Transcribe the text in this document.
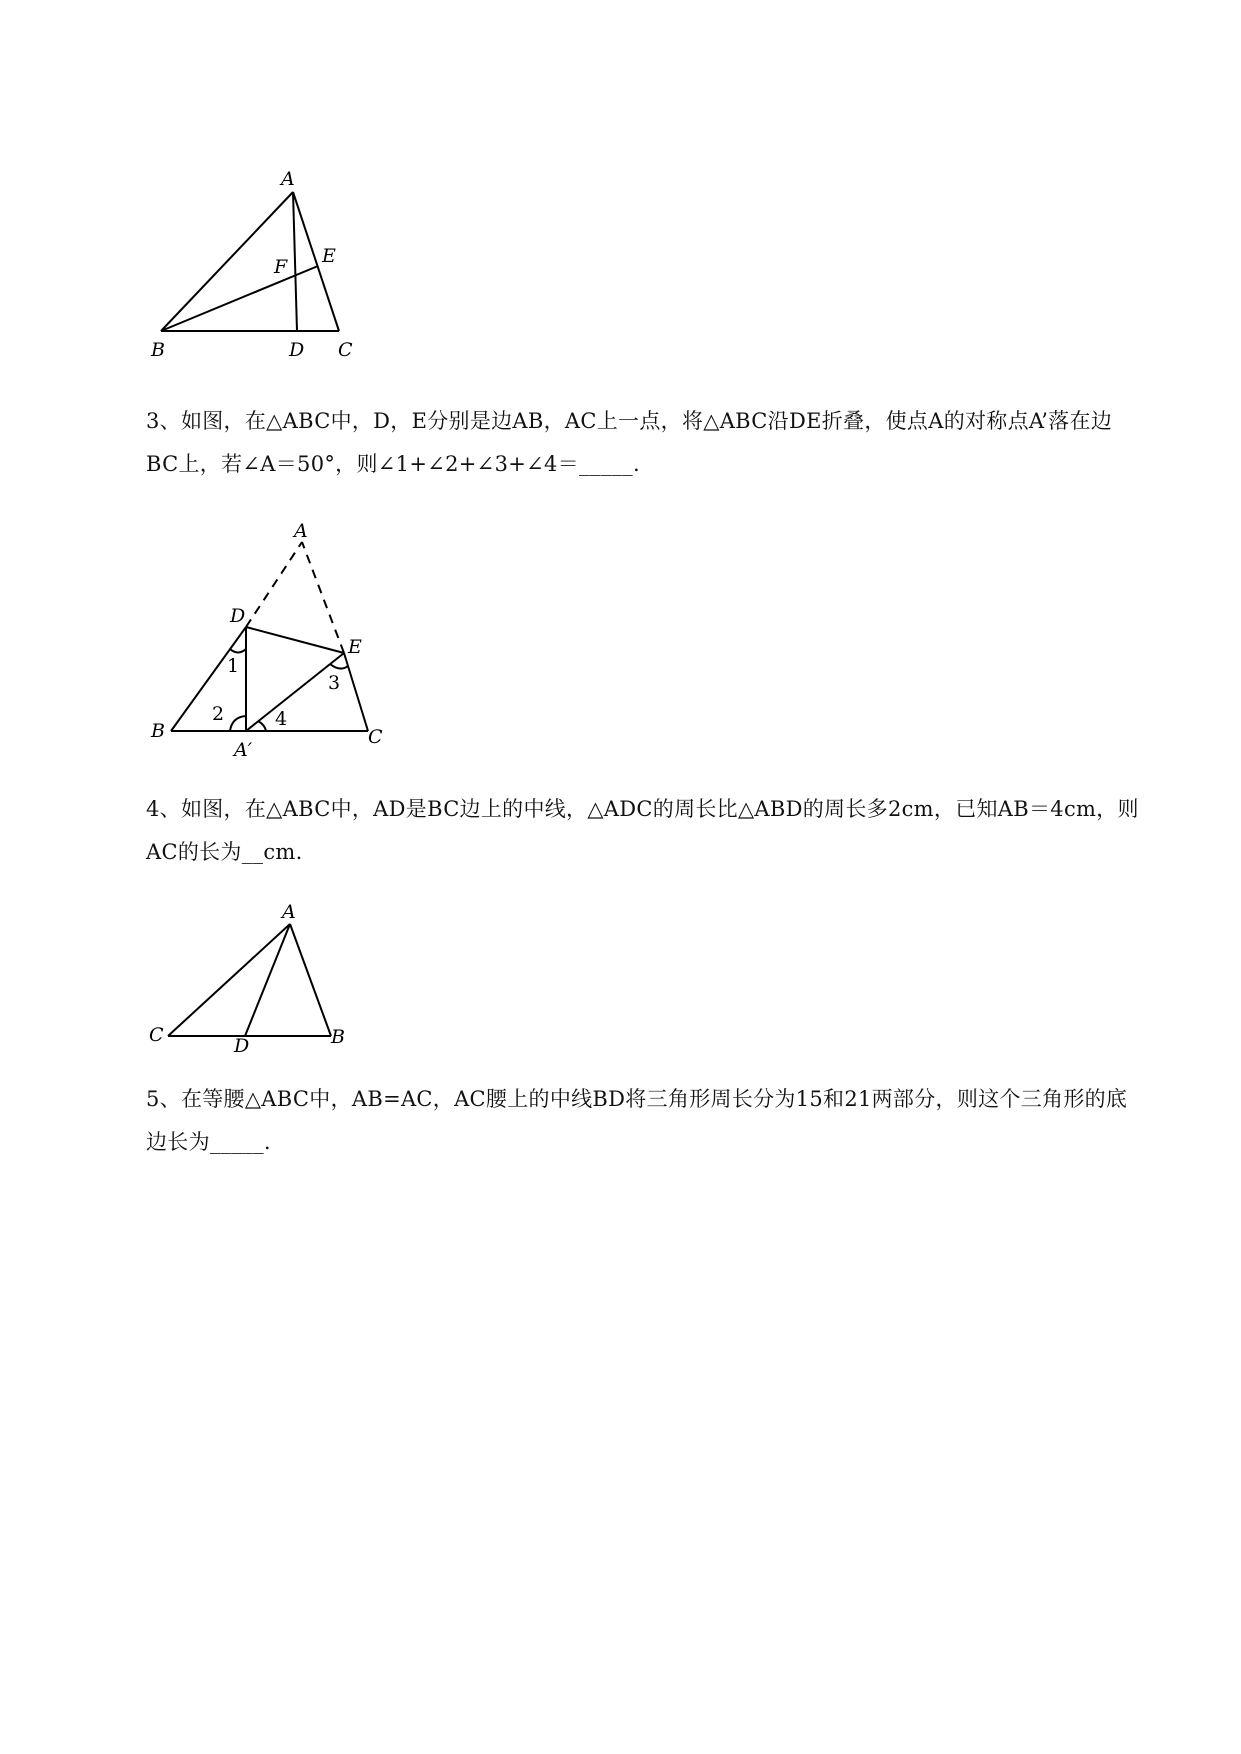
A
E
F
B	D C
3、如图，在△ABC中，D，E分别是边AB，AC上一点，将△ABC沿DE折叠，使点A的对称点A’落在边
BC上，若∠A＝50°，则∠1+∠2+∠3+∠4＝_____.
A
D
E
B
A′
C
1
2
3
4
4、如图，在△ABC中，AD是BC边上的中线，△ADC的周长比△ABD的周长多2cm，已知AB＝4cm，则
AC的长为__cm.
A
C	D	B
5、在等腰△ABC中，AB=AC，AC腰上的中线BD将三角形周长分为15和21两部分，则这个三角形的底
边长为_____.
